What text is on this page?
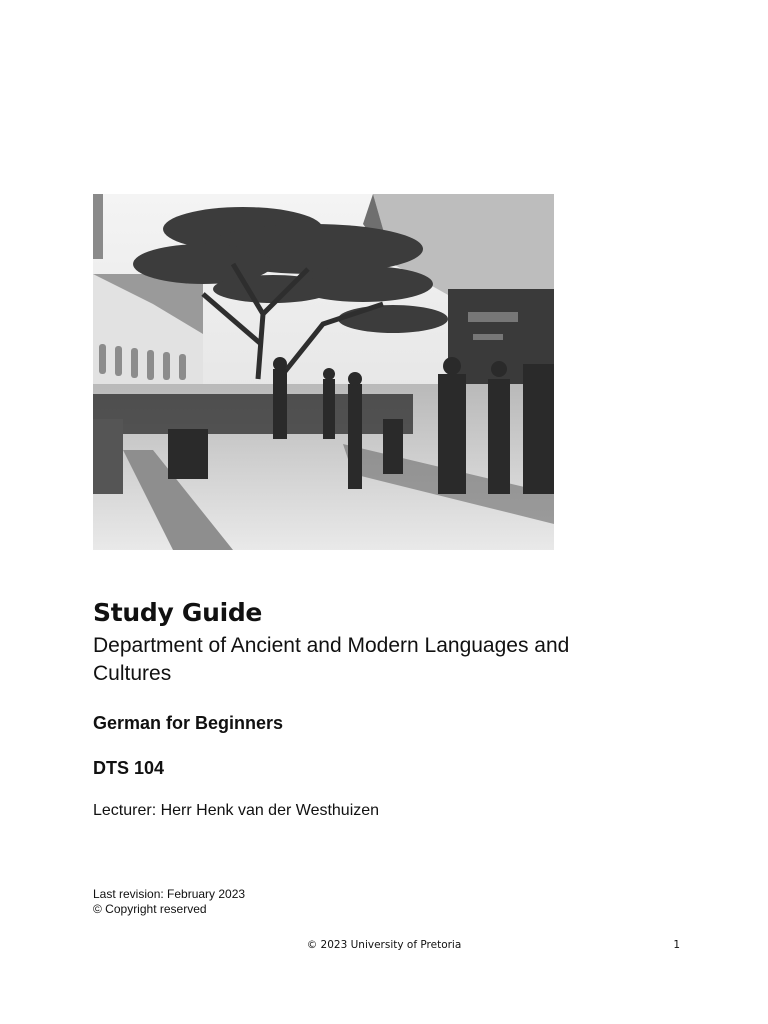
Study Guide

Department of Ancient and Modern Languages and Cultures

German for Beginners

DTS 104

Lecturer: Herr Henk van der Westhuizen

Last revision: February 2023

© Copyright reserved

© 2023 University of Pretoria	1
